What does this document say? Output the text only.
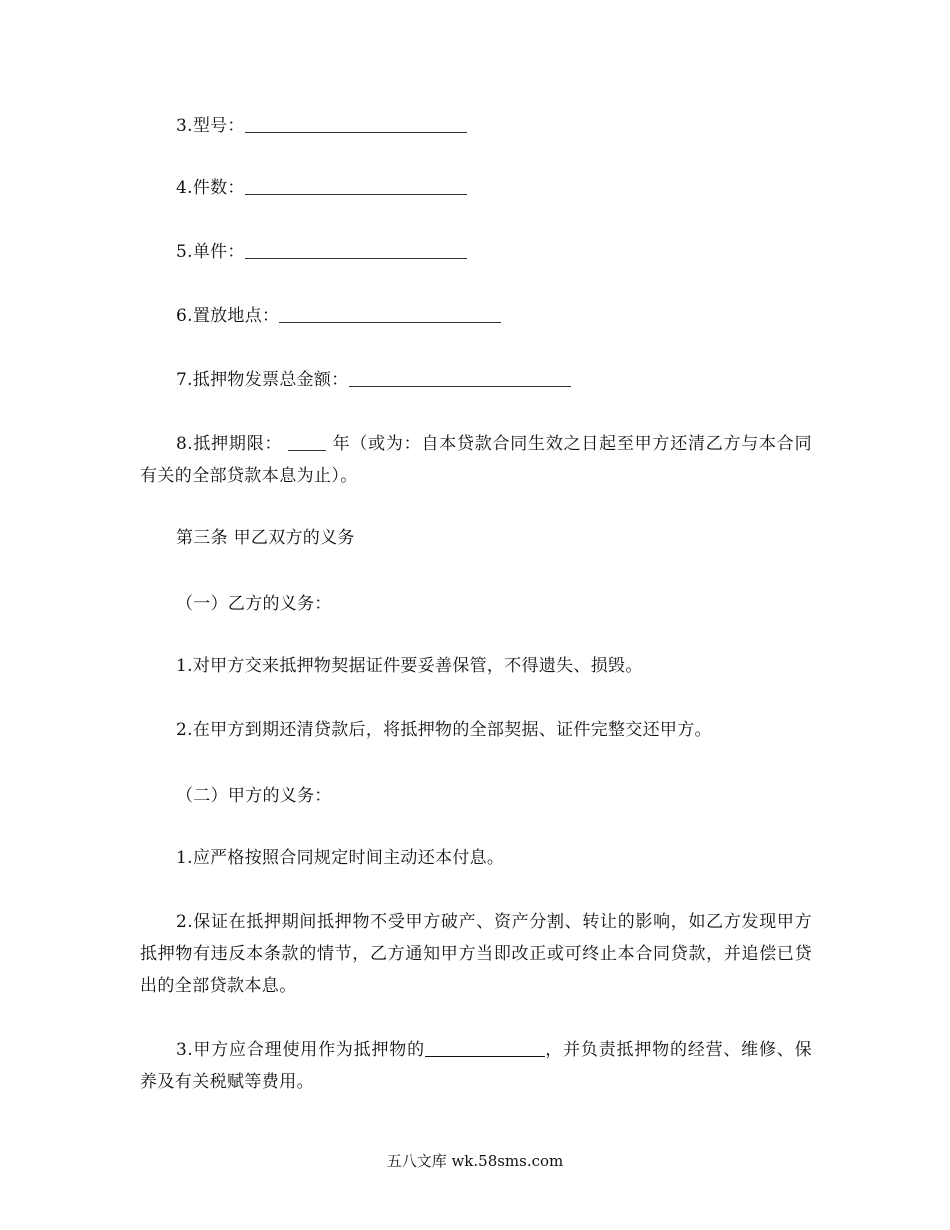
3.型号：
4.件数：
5.单件：
6.置放地点：
7.抵押物发票总金额：
8.抵押期限：	年（或为：自本贷款合同生效之日起至甲方还清乙方与本合同有关的全部贷款本息为止）。
第三条 甲乙双方的义务
（一）乙方的义务：
1.对甲方交来抵押物契据证件要妥善保管，不得遗失、损毁。
2.在甲方到期还清贷款后，将抵押物的全部契据、证件完整交还甲方。
（二）甲方的义务：
1.应严格按照合同规定时间主动还本付息。
2.保证在抵押期间抵押物不受甲方破产、资产分割、转让的影响，如乙方发现甲方抵押物有违反本条款的情节，乙方通知甲方当即改正或可终止本合同贷款，并追偿已贷出的全部贷款本息。
3.甲方应合理使用作为抵押物的	，并负责抵押物的经营、维修、保养及有关税赋等费用。
五八文库 wk.58sms.com
